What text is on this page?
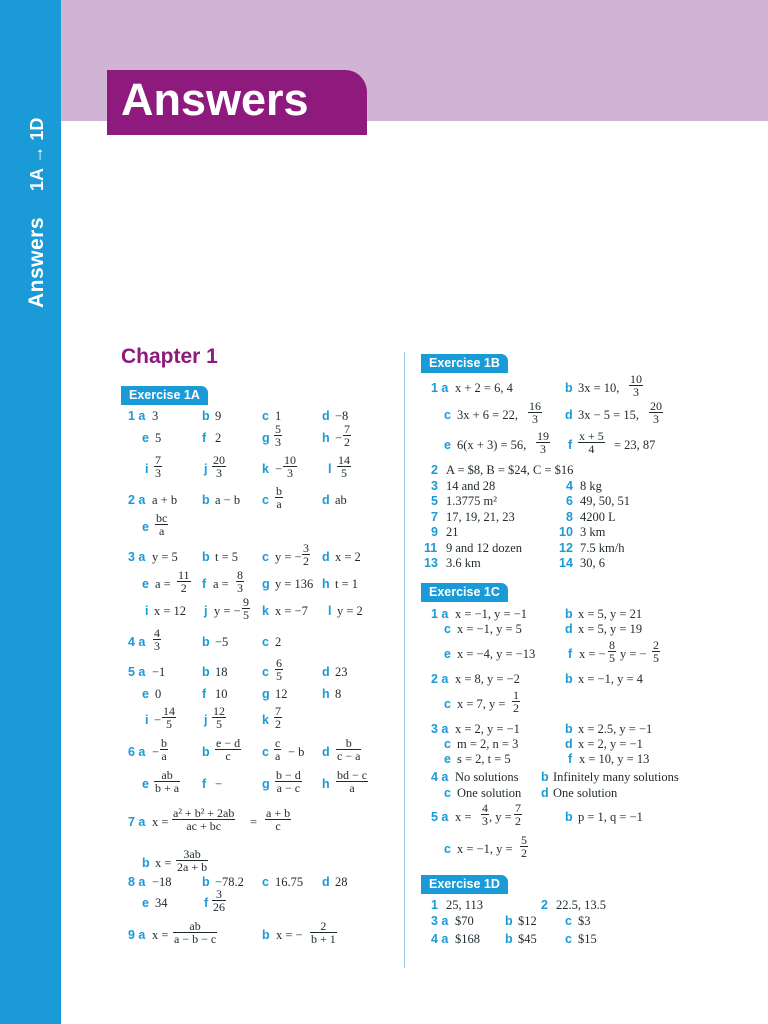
Answers
1A → 1D
Answers
Chapter 1
Exercise 1A
Exercise 1B
Exercise 1C
Exercise 1D
1 a 3	b 9	c 1	d −8
e 5	f 2	g $\frac{5}{3}$	$h - \frac{7}{2}$
i $\frac{7}{3}$	j $\frac{20}{3}$	$k - \frac{10}{3}$ l $\frac{14}{5}$
2 a a + b b a − b c $\frac{b}{a}$	d ab
e $\frac{bc}{a}$
3 a y = 5 b t = 5 c y = − $\frac{3}{2}$ d x = 2
e $a = \frac{11}{2}$ f $a = \frac{8}{3}$ g y = 136 h t = 1
i x = 12 j y = − $\frac{9}{5}$ k x = −7 l y = 2
4 a $\frac{4}{3}$	b −5	c 2
5 a −1	b 18	c $\frac{6}{5}$	d 23
e 0	f 10	g 12	h 8
$i - \frac{14}{5}$ j $\frac{12}{5}$	k $\frac{7}{2}$
6 $a - \frac{b}{a}$	b $\frac{e - d}{c}$ c $\frac{c}{a} - b$ d $\frac{b}{c - a}$
e $\frac{ab}{b + a}$ f −	g $\frac{b - d}{a - c}$ h $\frac{bd - c}{a}$
7 a $x = \frac{\text{a² + b² + 2ab}}{ac + bc} = \frac{a + b}{c}$
b $x = \frac{3ab}{2a + b}$
8 a −18 b −78.2 c 16.75 d 28
e 34	f $\frac{3}{26}$
9 a $x = \frac{ab}{a - b - c}$	b x = − $\frac{2}{b + 1}$
1 a x + 2 = 6, 4	b 3x = 10, $\frac{10}{3}$
c 3x + 6 = 22, $\frac{16}{3}$ d 3x − 5 = 15, $\frac{20}{3}$
e 6(x + 3) = 56, $\frac{19}{3}$ f $\frac{x + 5}{4} = 23$, 87
2 A = $8, B = $24, C = $16
3 14 and 28	4 8 kg
5 1.3775 m²	6 49, 50, 51
7 17, 19, 21, 23	8 4200 L
9 21	10 3 km
11 9 and 12 dozen	12 7.5 km/h
13 3.6 km	14 30, 6
1 a x = −1, y = −1	b x = 5, y = 21
c x = −1, y = 5	d x = 5, y = 19
e x = −4, y = −13	f x = − $\frac{8}{5}$ y = − $\frac{2}{5}$
2 a x = 8, y = −2	b x = −1, y = 4
c x = 7, $y = \frac{1}{2}$
3 a x = 2, y = −1	b x = 2.5, y = −1
c m = 2, n = 3	d x = 2, y = −1
e s = 2, t = 5	f x = 10, y = 13
4 a No solutions b Infinitely many solutions
c One solution d One solution
5 a $x = \frac{4}{3}$ , $y = \frac{7}{2}$	b p = 1, q = −1
c x = −1, $y = \frac{5}{2}$
1 25, 113	2 22.5, 13.5
3 a $70	b $12 c $3
4 a $168 b $45 c $15
